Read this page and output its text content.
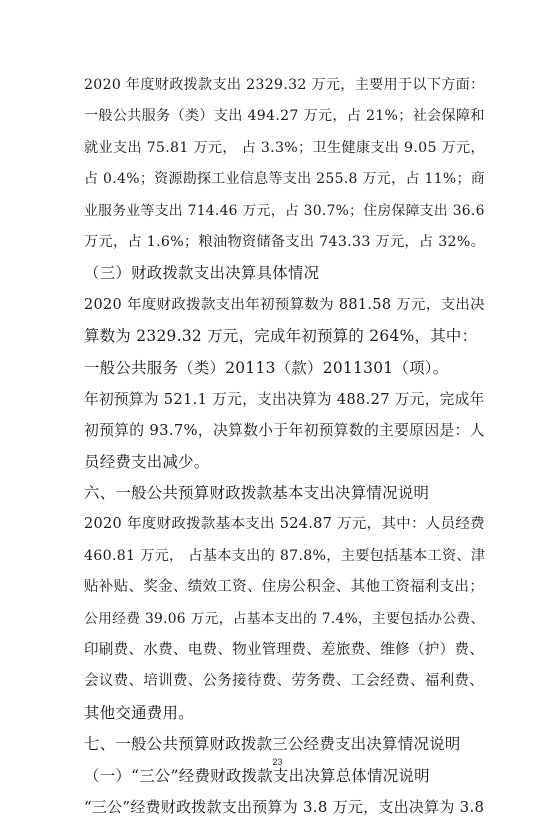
2020 年度财政拨款支出 2329.32 万元，主要用于以下方面：
一般公共服务（类）支出 494.27 万元，占 21%；社会保障和
就业支出 75.81 万元， 占 3.3%；卫生健康支出 9.05 万元，
占 0.4%；资源勘探工业信息等支出 255.8 万元，占 11%；商
业服务业等支出 714.46 万元，占 30.7%；住房保障支出 36.6
万元，占 1.6%；粮油物资储备支出 743.33 万元，占 32%。
（三）财政拨款支出决算具体情况
2020 年度财政拨款支出年初预算数为 881.58 万元，支出决
算数为 2329.32 万元，完成年初预算的 264%，其中：
一般公共服务（类）20113（款）2011301（项）。
年初预算为 521.1 万元，支出决算为 488.27 万元，完成年
初预算的 93.7%，决算数小于年初预算数的主要原因是：人
员经费支出减少。
六、一般公共预算财政拨款基本支出决算情况说明
2020 年度财政拨款基本支出 524.87 万元，其中：人员经费
460.81 万元， 占基本支出的 87.8%，主要包括基本工资、津
贴补贴、奖金、绩效工资、住房公积金、其他工资福利支出；
公用经费 39.06 万元，占基本支出的 7.4%，主要包括办公费、
印刷费、水费、电费、物业管理费、差旅费、维修（护）费、
会议费、培训费、公务接待费、劳务费、工会经费、福利费、
其他交通费用。
七、一般公共预算财政拨款三公经费支出决算情况说明
（一）“三公”经费财政拨款支出决算总体情况说明
“三公”经费财政拨款支出预算为 3.8 万元，支出决算为 3.8
23
